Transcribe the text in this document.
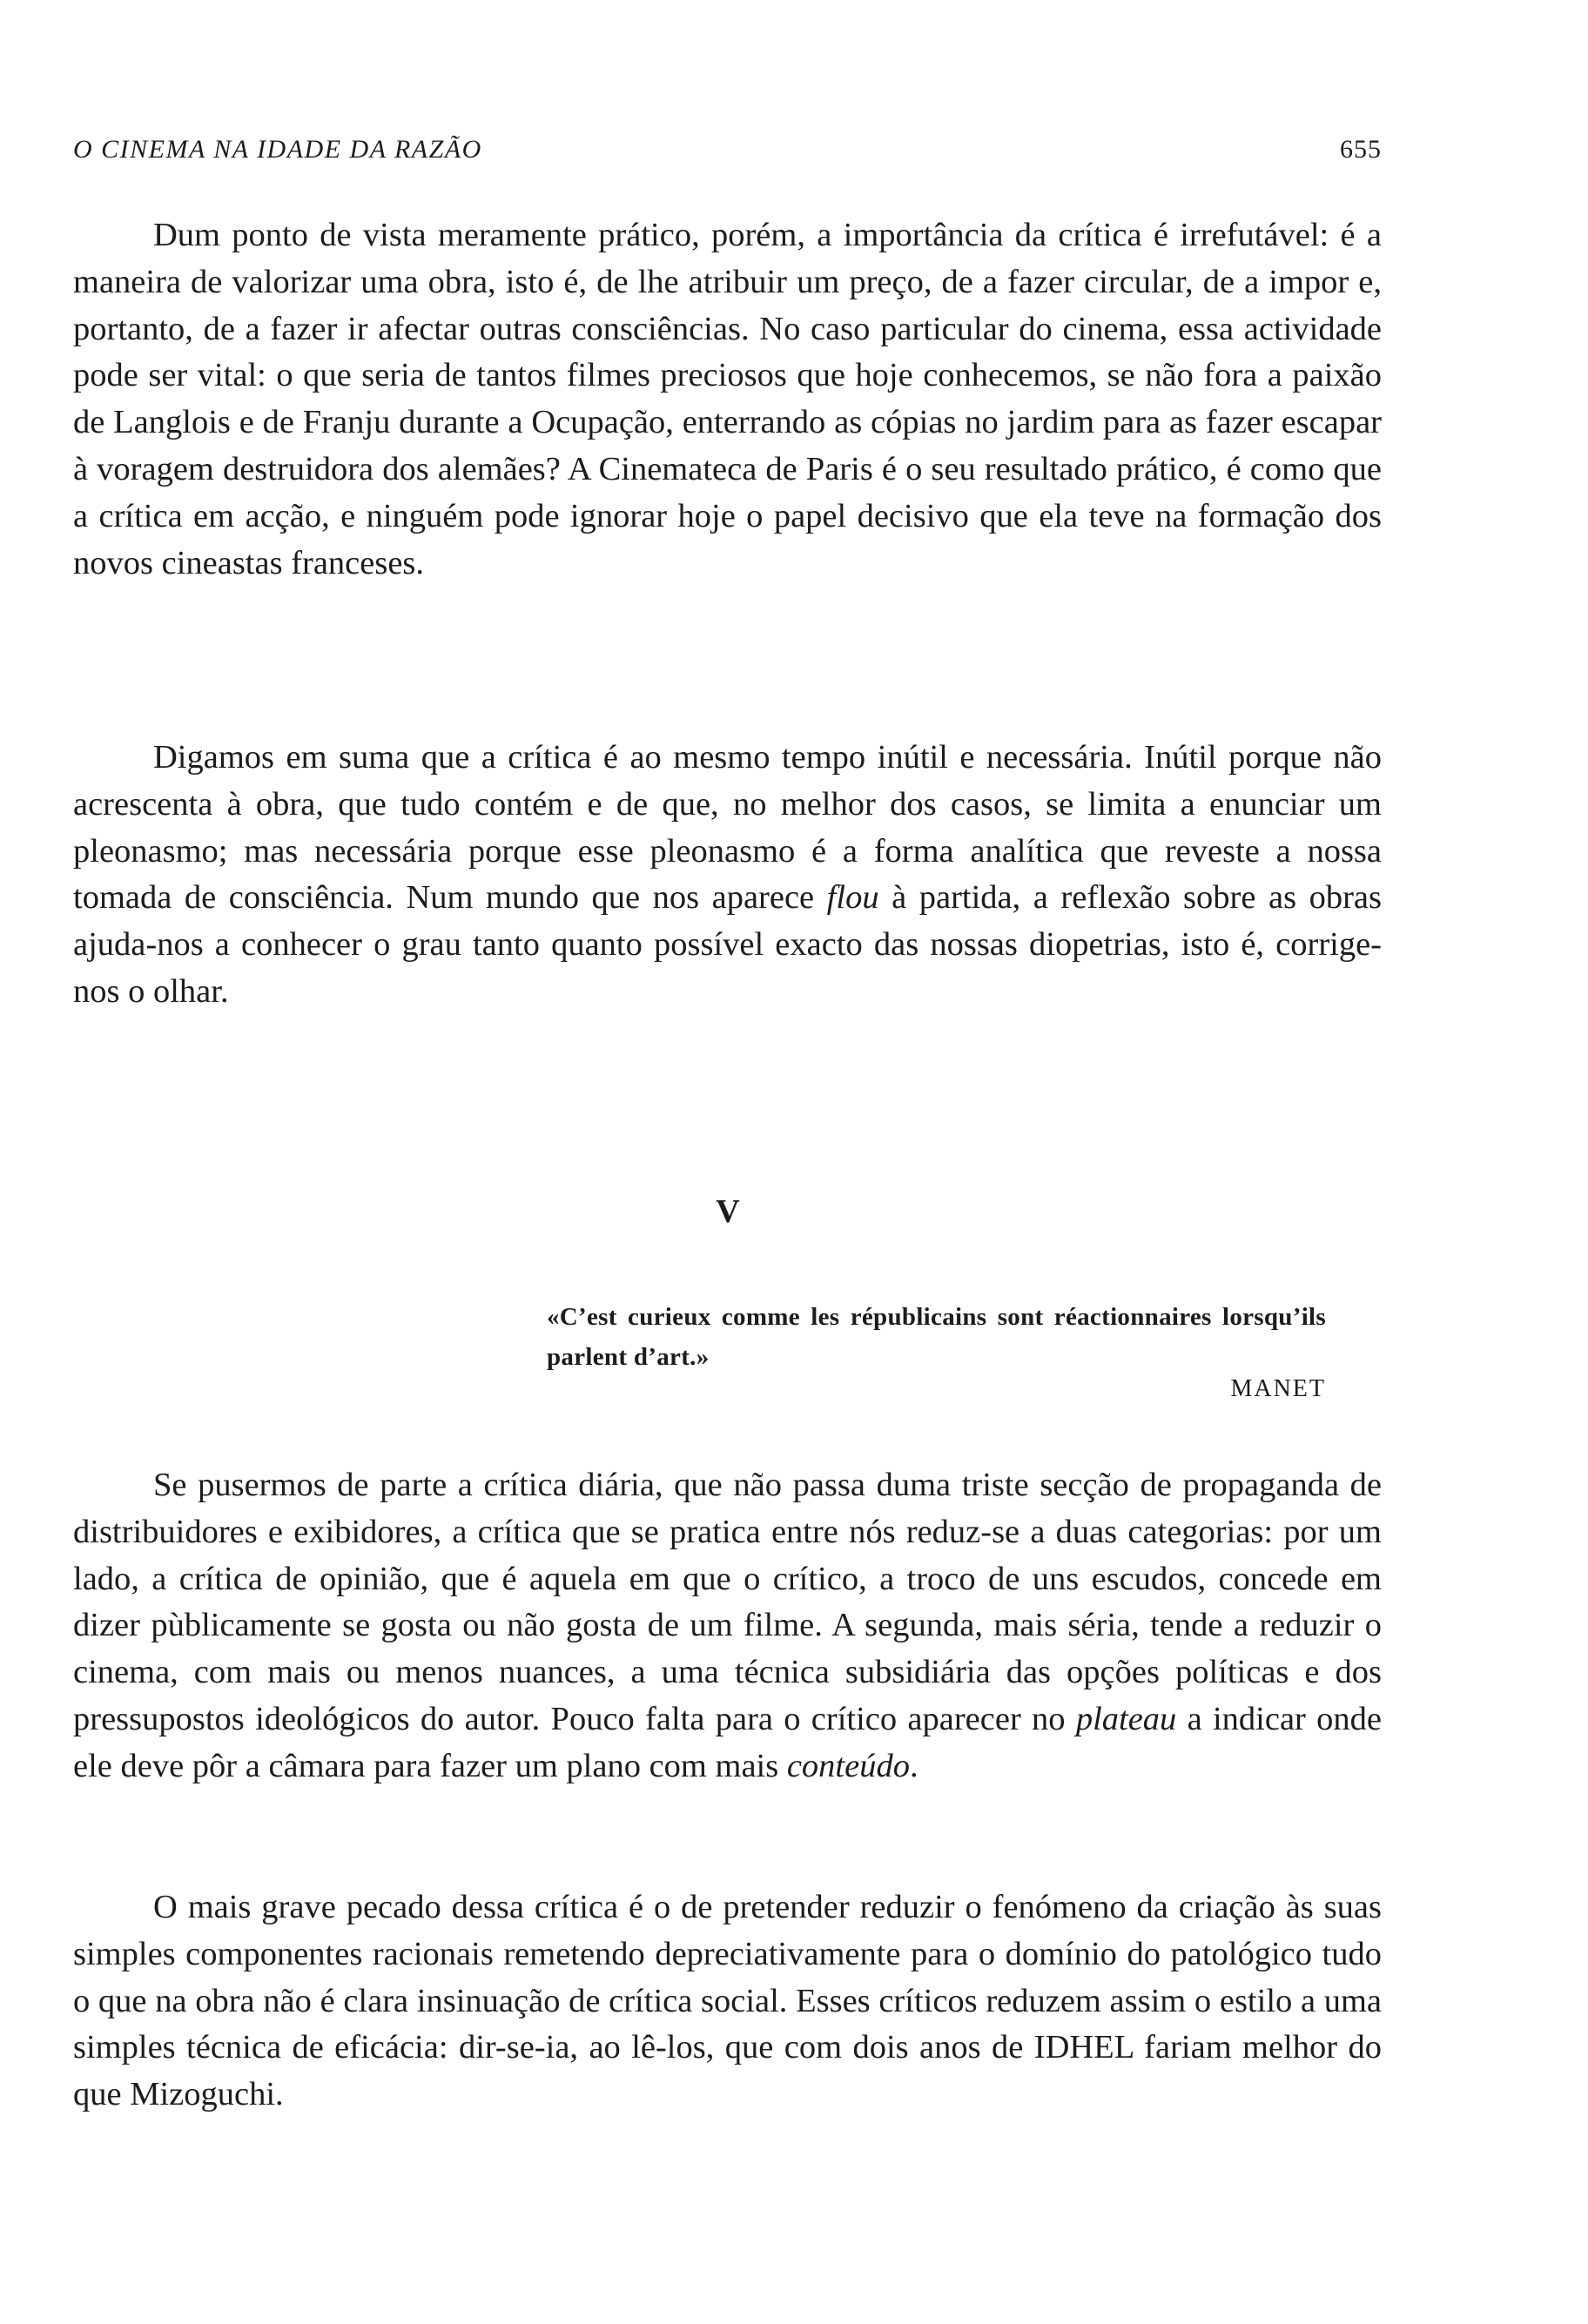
O CINEMA NA IDADE DA RAZÃO	655

Dum ponto de vista meramente prático, porém, a importância da crítica é irrefutável: é a maneira de valorizar uma obra, isto é, de lhe atribuir um preço, de a fazer circular, de a impor e, portanto, de a fazer ir afectar outras consciências. No caso particular do cinema, essa actividade pode ser vital: o que seria de tantos filmes preciosos que hoje conhecemos, se não fora a paixão de Langlois e de Franju durante a Ocupação, enterrando as cópias no jardim para as fazer escapar à voragem destruidora dos alemães? A Cinemateca de Paris é o seu resultado prático, é como que a crítica em acção, e ninguém pode ignorar hoje o papel decisivo que ela teve na formação dos novos cineastas franceses.

Digamos em suma que a crítica é ao mesmo tempo inútil e necessária. Inútil porque não acrescenta à obra, que tudo contém e de que, no melhor dos casos, se limita a enunciar um pleonasmo; mas necessária porque esse pleonasmo é a forma analítica que reveste a nossa tomada de consciência. Num mundo que nos aparece flou à partida, a reflexão sobre as obras ajuda-nos a conhecer o grau tanto quanto possível exacto das nossas diopetrias, isto é, corrige-nos o olhar.

V

«C’est curieux comme les républicains sont réactionnaires lorsqu’ils parlent d’art.»

MANET

Se pusermos de parte a crítica diária, que não passa duma triste secção de propaganda de distribuidores e exibidores, a crítica que se pratica entre nós reduz-se a duas categorias: por um lado, a crítica de opinião, que é aquela em que o crítico, a troco de uns escudos, concede em dizer pùblicamente se gosta ou não gosta de um filme. A segunda, mais séria, tende a reduzir o cinema, com mais ou menos nuances, a uma técnica subsidiária das opções políticas e dos pressupostos ideológicos do autor. Pouco falta para o crítico aparecer no plateau a indicar onde ele deve pôr a câmara para fazer um plano com mais conteúdo.

O mais grave pecado dessa crítica é o de pretender reduzir o fenómeno da criação às suas simples componentes racionais remetendo depreciativamente para o domínio do patológico tudo o que na obra não é clara insinuação de crítica social. Esses críticos reduzem assim o estilo a uma simples técnica de eficácia: dir-se-ia, ao lê-los, que com dois anos de IDHEL fariam melhor do que Mizoguchi.
